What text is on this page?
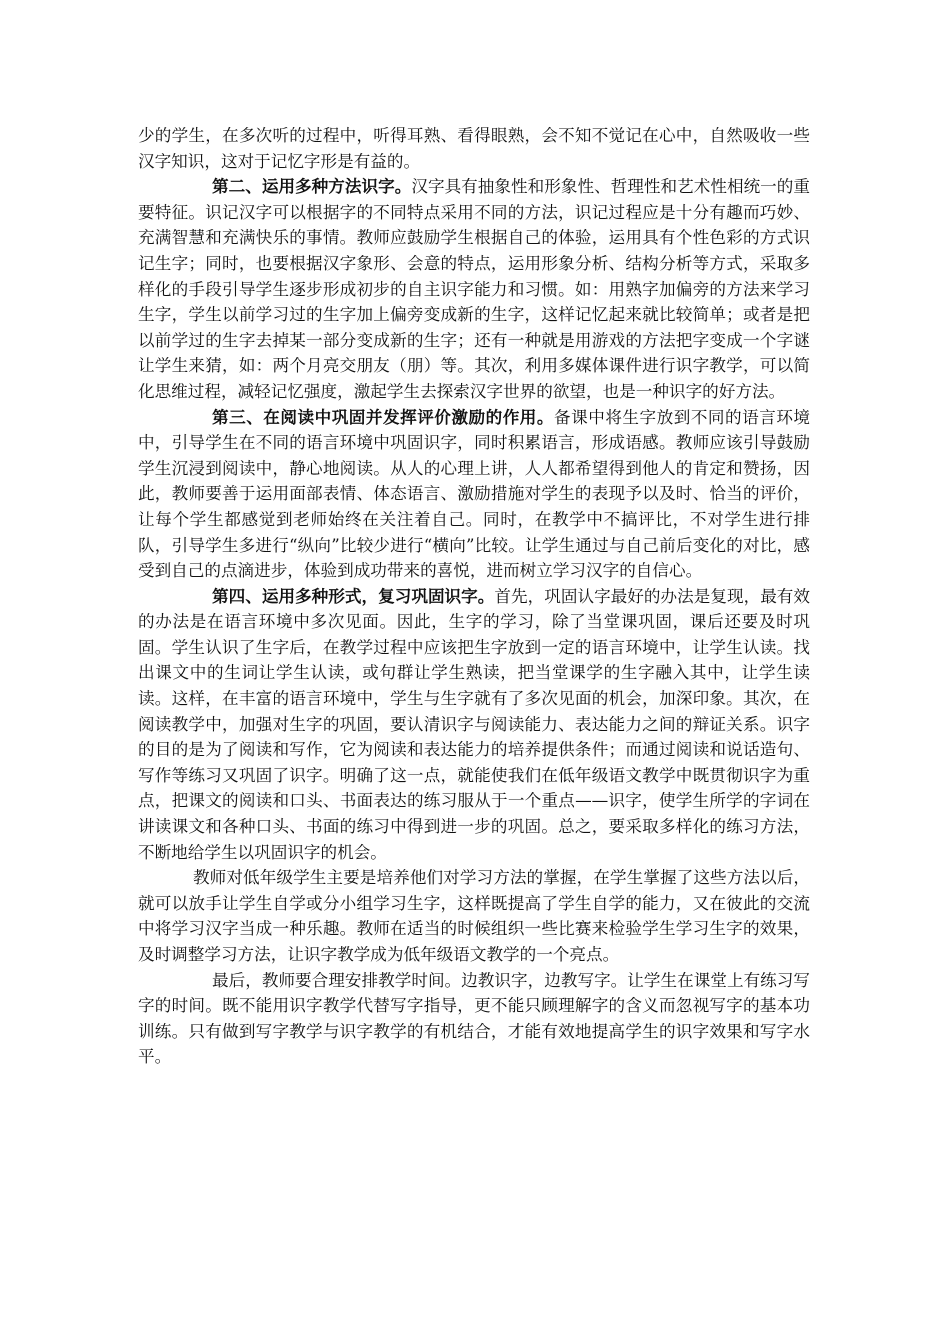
少的学生，在多次听的过程中，听得耳熟、看得眼熟，会不知不觉记在心中，自然吸收一些汉字知识，这对于记忆字形是有益的。

第二、运用多种方法识字。汉字具有抽象性和形象性、哲理性和艺术性相统一的重要特征。识记汉字可以根据字的不同特点采用不同的方法，识记过程应是十分有趣而巧妙、充满智慧和充满快乐的事情。教师应鼓励学生根据自己的体验，运用具有个性色彩的方式识记生字；同时，也要根据汉字象形、会意的特点，运用形象分析、结构分析等方式，采取多样化的手段引导学生逐步形成初步的自主识字能力和习惯。如：用熟字加偏旁的方法来学习生字，学生以前学习过的生字加上偏旁变成新的生字，这样记忆起来就比较简单；或者是把以前学过的生字去掉某一部分变成新的生字；还有一种就是用游戏的方法把字变成一个字谜让学生来猜，如：两个月亮交朋友（朋）等。其次，利用多媒体课件进行识字教学，可以简化思维过程，减轻记忆强度，激起学生去探索汉字世界的欲望，也是一种识字的好方法。

第三、在阅读中巩固并发挥评价激励的作用。备课中将生字放到不同的语言环境中，引导学生在不同的语言环境中巩固识字，同时积累语言，形成语感。教师应该引导鼓励学生沉浸到阅读中，静心地阅读。从人的心理上讲，人人都希望得到他人的肯定和赞扬，因此，教师要善于运用面部表情、体态语言、激励措施对学生的表现予以及时、恰当的评价，让每个学生都感觉到老师始终在关注着自己。同时，在教学中不搞评比，不对学生进行排队，引导学生多进行“纵向”比较少进行“横向”比较。让学生通过与自己前后变化的对比，感受到自己的点滴进步，体验到成功带来的喜悦，进而树立学习汉字的自信心。

第四、运用多种形式，复习巩固识字。首先，巩固认字最好的办法是复现，最有效的办法是在语言环境中多次见面。因此，生字的学习，除了当堂课巩固，课后还要及时巩固。学生认识了生字后，在教学过程中应该把生字放到一定的语言环境中，让学生认读。找出课文中的生词让学生认读，或句群让学生熟读，把当堂课学的生字融入其中，让学生读读。这样，在丰富的语言环境中，学生与生字就有了多次见面的机会，加深印象。其次，在阅读教学中，加强对生字的巩固，要认清识字与阅读能力、表达能力之间的辩证关系。识字的目的是为了阅读和写作，它为阅读和表达能力的培养提供条件；而通过阅读和说话造句、写作等练习又巩固了识字。明确了这一点，就能使我们在低年级语文教学中既贯彻识字为重点，把课文的阅读和口头、书面表达的练习服从于一个重点——识字，使学生所学的字词在讲读课文和各种口头、书面的练习中得到进一步的巩固。总之，要采取多样化的练习方法，不断地给学生以巩固识字的机会。

教师对低年级学生主要是培养他们对学习方法的掌握，在学生掌握了这些方法以后，就可以放手让学生自学或分小组学习生字，这样既提高了学生自学的能力，又在彼此的交流中将学习汉字当成一种乐趣。教师在适当的时候组织一些比赛来检验学生学习生字的效果，及时调整学习方法，让识字教学成为低年级语文教学的一个亮点。

最后，教师要合理安排教学时间。边教识字，边教写字。让学生在课堂上有练习写字的时间。既不能用识字教学代替写字指导，更不能只顾理解字的含义而忽视写字的基本功训练。只有做到写字教学与识字教学的有机结合，才能有效地提高学生的识字效果和写字水平。
